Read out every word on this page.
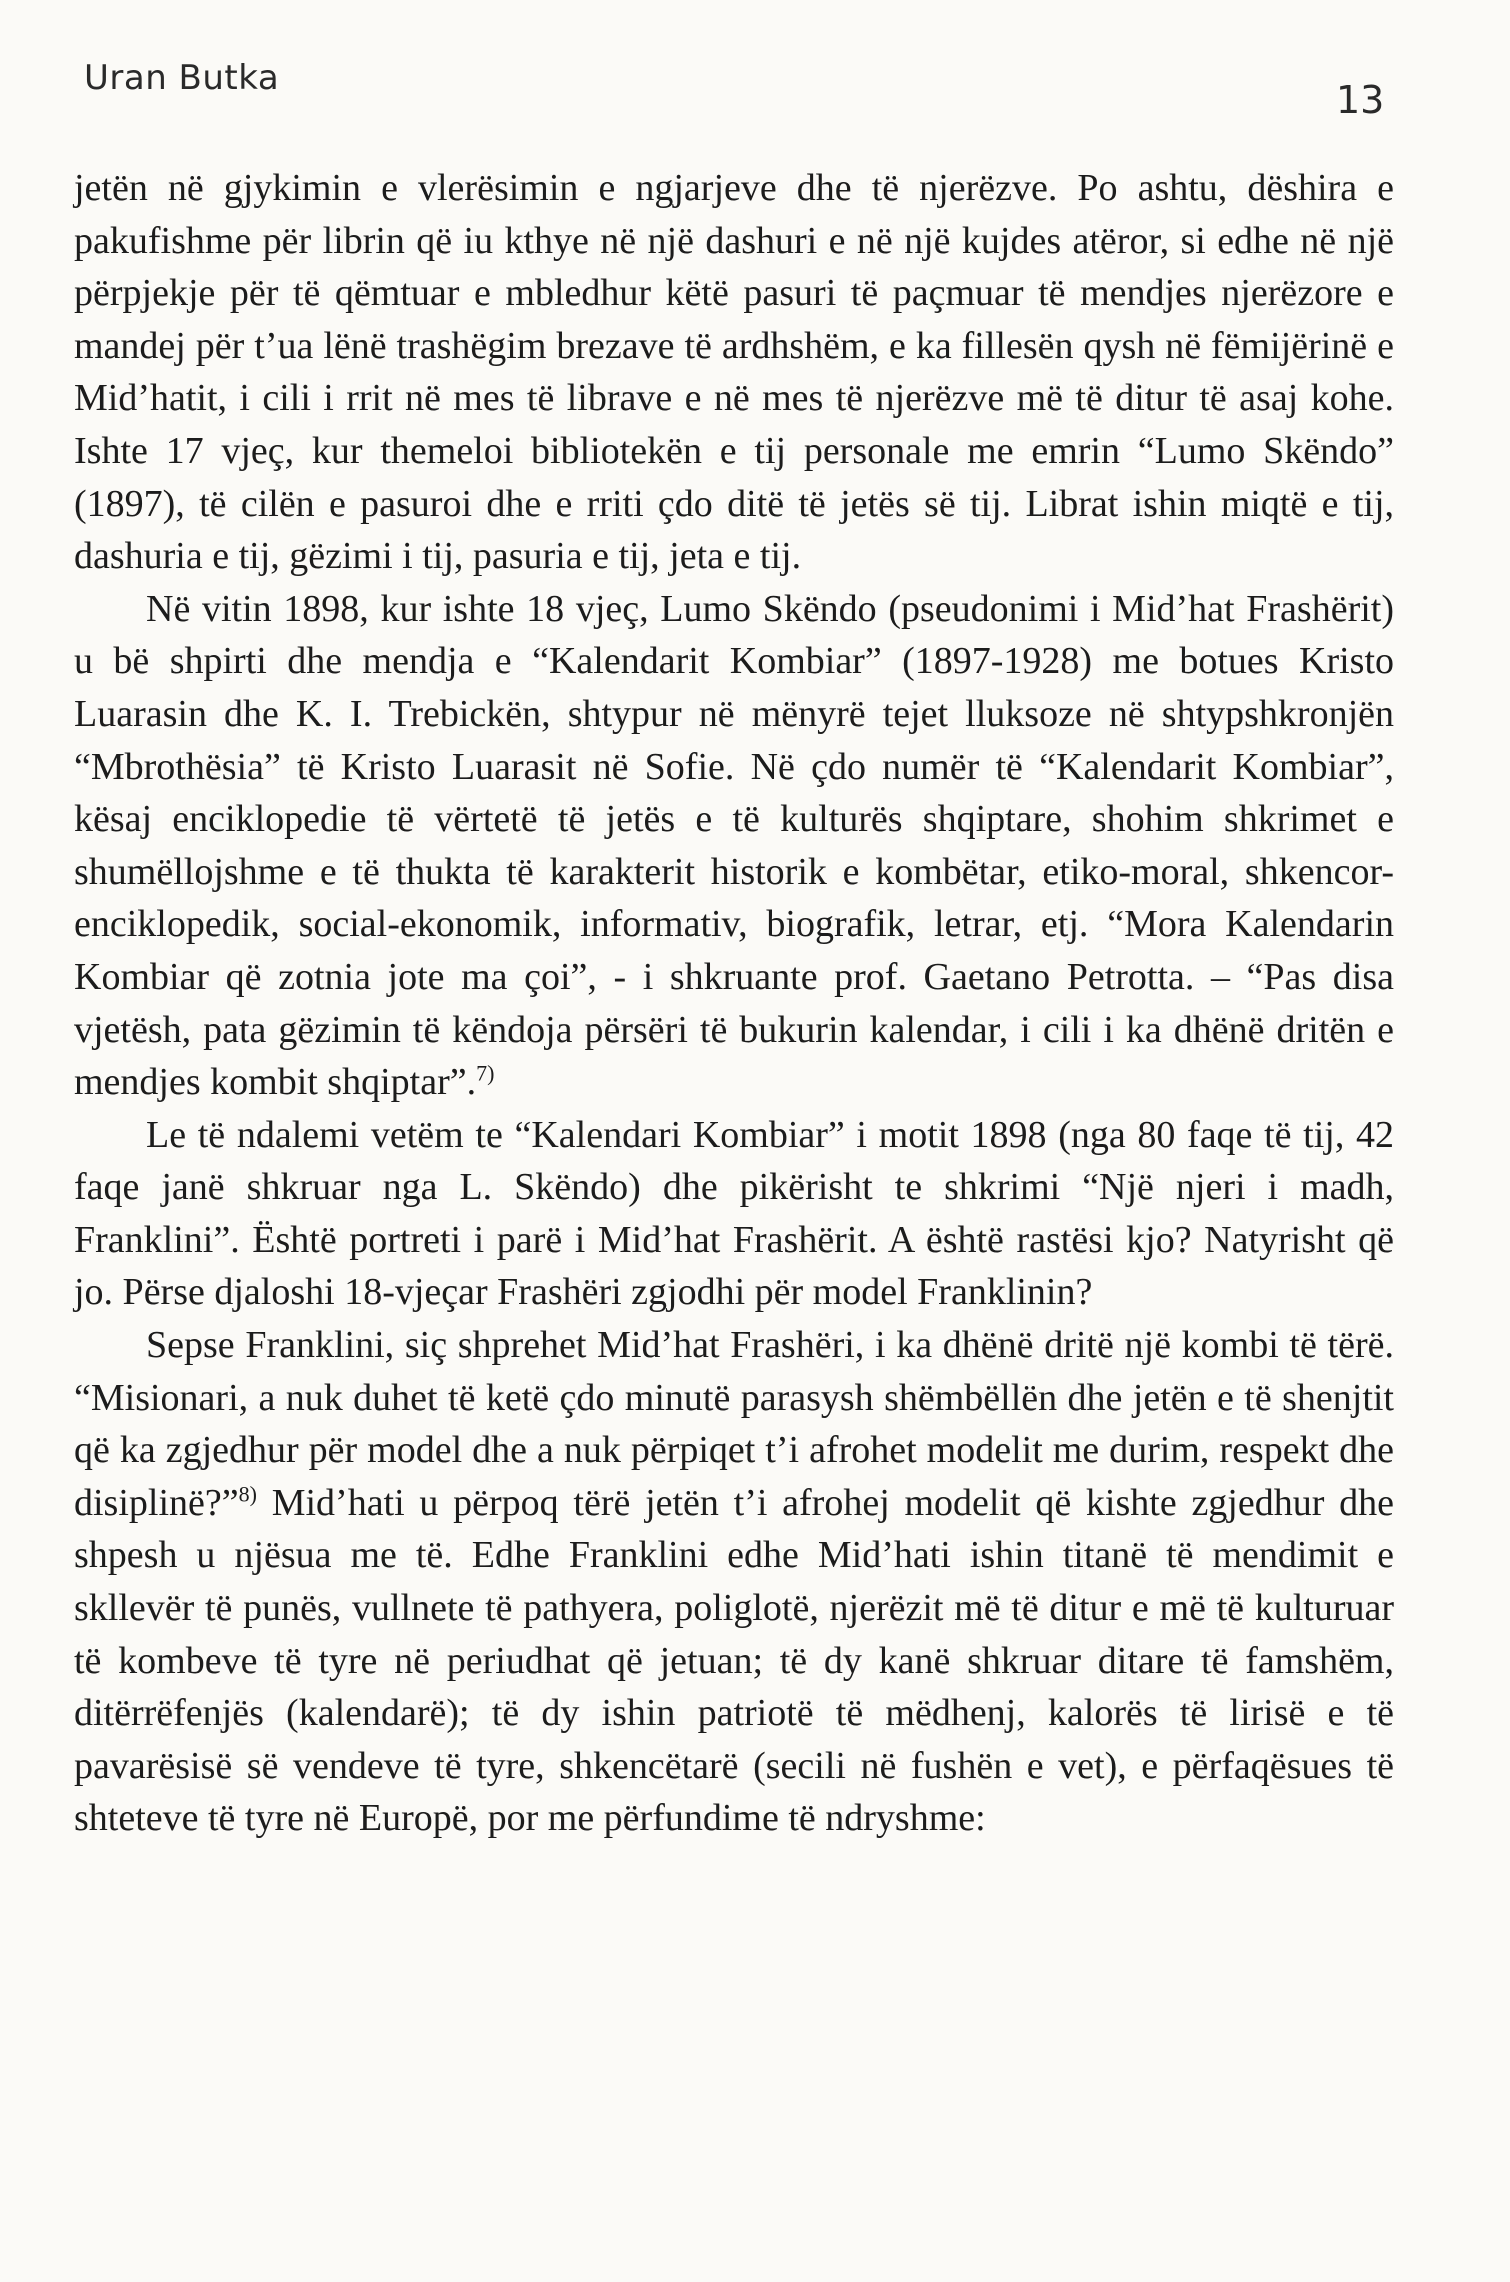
Uran Butka	13

jetën në gjykimin e vlerësimin e ngjarjeve dhe të njerëzve. Po ashtu, dëshira e pakufishme për librin që iu kthye në një dashuri e në një kujdes atëror, si edhe në një përpjekje për të qëmtuar e mbledhur këtë pasuri të paçmuar të mendjes njerëzore e mandej për t’ua lënë trashëgim brezave të ardhshëm, e ka fillesën qysh në fëmijërinë e Mid’hatit, i cili i rrit në mes të librave e në mes të njerëzve më të ditur të asaj kohe. Ishte 17 vjeç, kur themeloi bibliotekën e tij personale me emrin “Lumo Skëndo” (1897), të cilën e pasuroi dhe e rriti çdo ditë të jetës së tij. Librat ishin miqtë e tij, dashuria e tij, gëzimi i tij, pasuria e tij, jeta e tij.

Në vitin 1898, kur ishte 18 vjeç, Lumo Skëndo (pseudonimi i Mid’hat Frashërit) u bë shpirti dhe mendja e “Kalendarit Kombiar” (1897-1928) me botues Kristo Luarasin dhe K. I. Trebickën, shtypur në mënyrë tejet lluksoze në shtypshkronjën “Mbrothësia” të Kristo Luarasit në Sofie. Në çdo numër të “Kalendarit Kombiar”, kësaj enciklopedie të vërtetë të jetës e të kulturës shqiptare, shohim shkrimet e shumëllojshme e të thukta të karakterit historik e kombëtar, etiko-moral, shkencor-enciklopedik, social-ekonomik, informativ, biografik, letrar, etj. “Mora Kalendarin Kombiar që zotnia jote ma çoi”, - i shkruante prof. Gaetano Petrotta. – “Pas disa vjetësh, pata gëzimin të këndoja përsëri të bukurin kalendar, i cili i ka dhënë dritën e mendjes kombit shqiptar”.$^{7)}$

Le të ndalemi vetëm te “Kalendari Kombiar” i motit 1898 (nga 80 faqe të tij, 42 faqe janë shkruar nga L. Skëndo) dhe pikërisht te shkrimi “Një njeri i madh, Franklini”. Është portreti i parë i Mid’hat Frashërit. A është rastësi kjo? Natyrisht që jo. Përse djaloshi 18-vjeçar Frashëri zgjodhi për model Franklinin?

Sepse Franklini, siç shprehet Mid’hat Frashëri, i ka dhënë dritë një kombi të tërë. “Misionari, a nuk duhet të ketë çdo minutë parasysh shëmbëllën dhe jetën e të shenjtit që ka zgjedhur për model dhe a nuk përpiqet t’i afrohet modelit me durim, respekt dhe disiplinë?”$^{8)}$ Mid’hati u përpoq tërë jetën t’i afrohej modelit që kishte zgjedhur dhe shpesh u njësua me të. Edhe Franklini edhe Mid’hati ishin titanë të mendimit e skllevër të punës, vullnete të pathyera, poliglotë, njerëzit më të ditur e më të kulturuar të kombeve të tyre në periudhat që jetuan; të dy kanë shkruar ditare të famshëm, ditërrëfenjës (kalendarë); të dy ishin patriotë të mëdhenj, kalorës të lirisë e të pavarësisë së vendeve të tyre, shkencëtarë (secili në fushën e vet), e përfaqësues të shteteve të tyre në Europë, por me përfundime të ndryshme:
